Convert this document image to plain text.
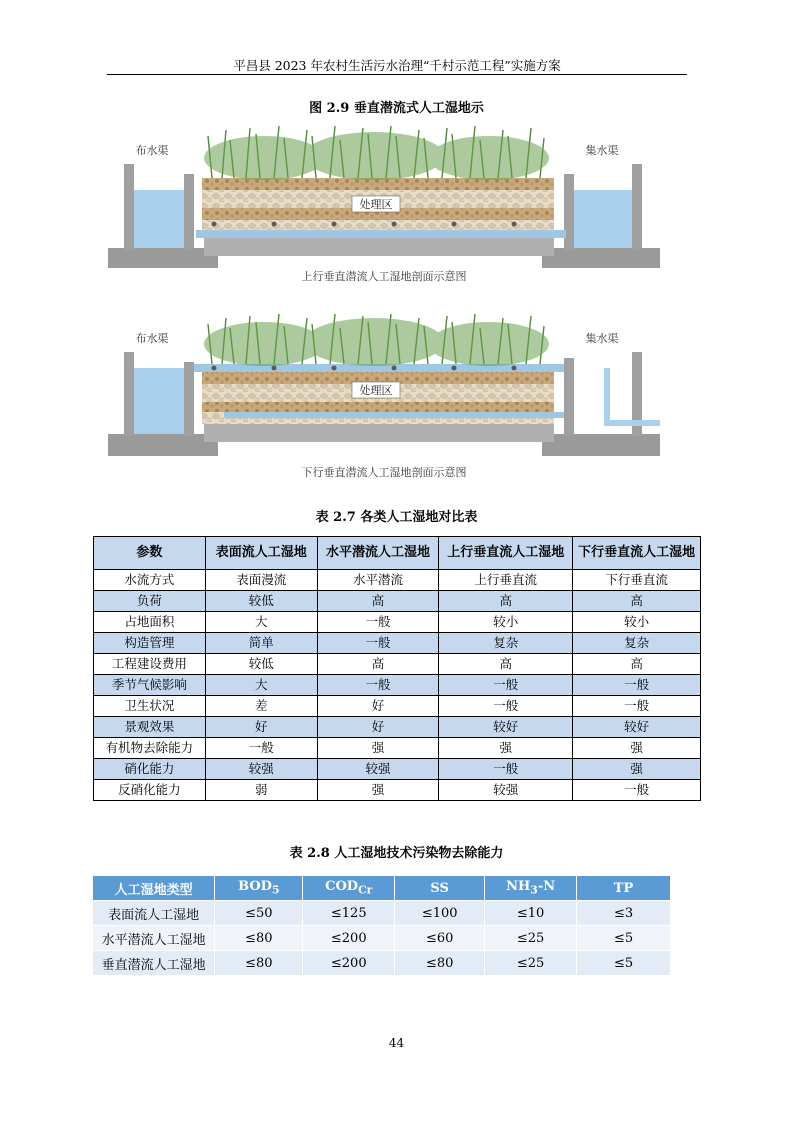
平昌县 2023 年农村生活污水治理“千村示范工程”实施方案
图 2.9 垂直潜流式人工湿地示
处理区
布水渠	集水渠
上行垂直潜流人工湿地剖面示意图
处理区
布水渠	集水渠
下行垂直潜流人工湿地剖面示意图
表 2.7 各类人工湿地对比表
参数	表面流人工湿地	水平潜流人工湿地	上行垂直流人工湿地	下行垂直流人工湿地
水流方式	表面漫流	水平潜流	上行垂直流	下行垂直流
负荷	较低	高	高	高
占地面积	大	一般	较小	较小
构造管理	简单	一般	复杂	复杂
工程建设费用	较低	高	高	高
季节气候影响	大	一般	一般	一般
卫生状况	差	好	一般	一般
景观效果	好	好	较好	较好
有机物去除能力	一般	强	强	强
硝化能力	较强	较强	一般	强
反硝化能力	弱	强	较强	一般
表 2.8 人工湿地技术污染物去除能力
人工湿地类型	$BOD_5$	$COD_{Cr}$	SS	$NH_3-N$	TP
表面流人工湿地	≤50	≤125	≤100	≤10	≤3
水平潜流人工湿地	≤80	≤200	≤60	≤25	≤5
垂直潜流人工湿地	≤80	≤200	≤80	≤25	≤5
44
